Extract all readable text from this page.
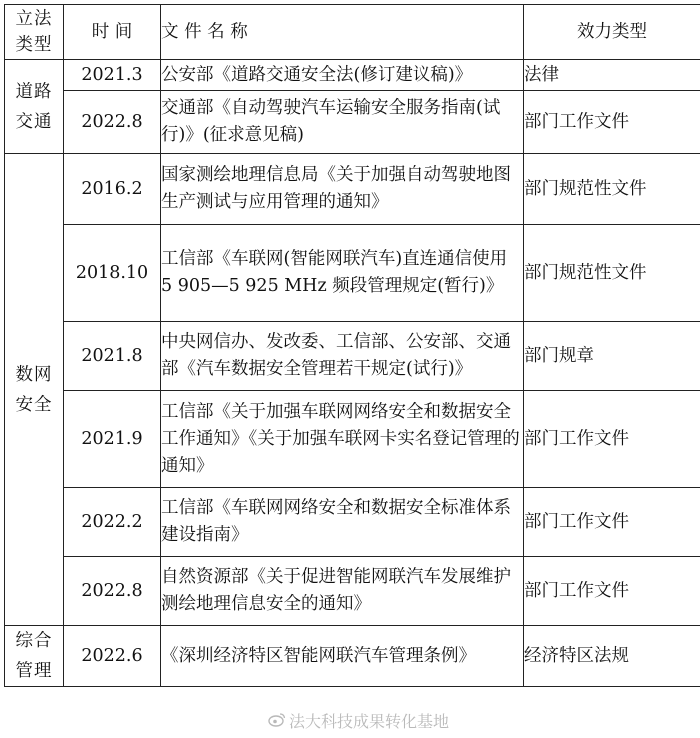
立法类型	时 间	文 件 名 称	效力类型
道路交通	2021.3	公安部《道路交通安全法(修订建议稿)》	法律
	2022.8	交通部《自动驾驶汽车运输安全服务指南(试行)》(征求意见稿)	部门工作文件
数网安全	2016.2	国家测绘地理信息局《关于加强自动驾驶地图生产测试与应用管理的通知》	部门规范性文件
	2018.10	工信部《车联网(智能网联汽车)直连通信使用 5 905—5 925 MHz 频段管理规定(暂行)》	部门规范性文件
	2021.8	中央网信办、发改委、工信部、公安部、交通部《汽车数据安全管理若干规定(试行)》	部门规章
	2021.9	工信部《关于加强车联网网络安全和数据安全工作通知》《关于加强车联网卡实名登记管理的通知》	部门工作文件
	2022.2	工信部《车联网网络安全和数据安全标准体系建设指南》	部门工作文件
	2022.8	自然资源部《关于促进智能网联汽车发展维护测绘地理信息安全的通知》	部门工作文件
综合管理	2022.6	《深圳经济特区智能网联汽车管理条例》	经济特区法规
法大科技成果转化基地
